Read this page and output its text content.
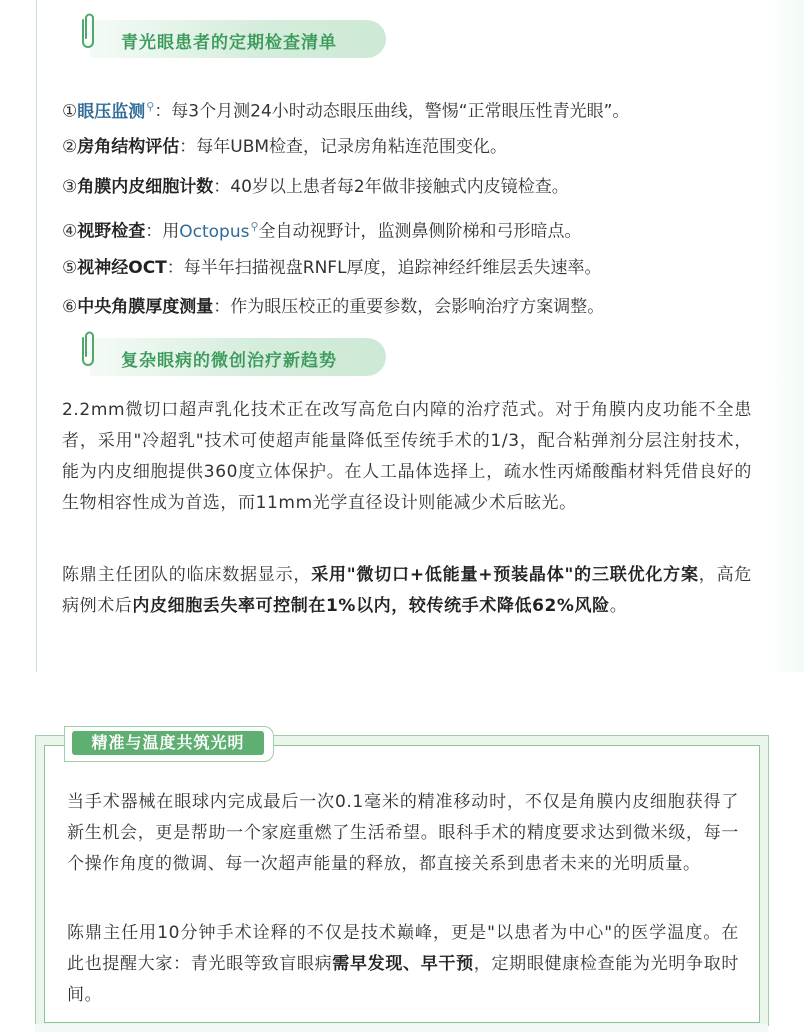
青光眼患者的定期检查清单
①眼压监测⚲：每3个月测24小时动态眼压曲线，警惕“正常眼压性青光眼”。
②房角结构评估：每年UBM检查，记录房角粘连范围变化。
③角膜内皮细胞计数：40岁以上患者每2年做非接触式内皮镜检查。
④视野检查：用Octopus⚲全自动视野计，监测鼻侧阶梯和弓形暗点。
⑤视神经OCT：每半年扫描视盘RNFL厚度，追踪神经纤维层丢失速率。
⑥中央角膜厚度测量：作为眼压校正的重要参数，会影响治疗方案调整。
复杂眼病的微创治疗新趋势
2.2mm微切口超声乳化技术正在改写高危白内障的治疗范式。对于角膜内皮功能不全患者，采用"冷超乳"技术可使超声能量降低至传统手术的1/3，配合粘弹剂分层注射技术，能为内皮细胞提供360度立体保护。在人工晶体选择上，疏水性丙烯酸酯材料凭借良好的生物相容性成为首选，而11mm光学直径设计则能减少术后眩光。
陈鼎主任团队的临床数据显示，采用"微切口+低能量+预装晶体"的三联优化方案，高危病例术后内皮细胞丢失率可控制在1%以内，较传统手术降低62%风险。
精准与温度共筑光明
当手术器械在眼球内完成最后一次0.1毫米的精准移动时，不仅是角膜内皮细胞获得了新生机会，更是帮助一个家庭重燃了生活希望。眼科手术的精度要求达到微米级，每一个操作角度的微调、每一次超声能量的释放，都直接关系到患者未来的光明质量。
陈鼎主任用10分钟手术诠释的不仅是技术巅峰，更是"以患者为中心"的医学温度。在此也提醒大家：青光眼等致盲眼病需早发现、早干预，定期眼健康检查能为光明争取时间。
